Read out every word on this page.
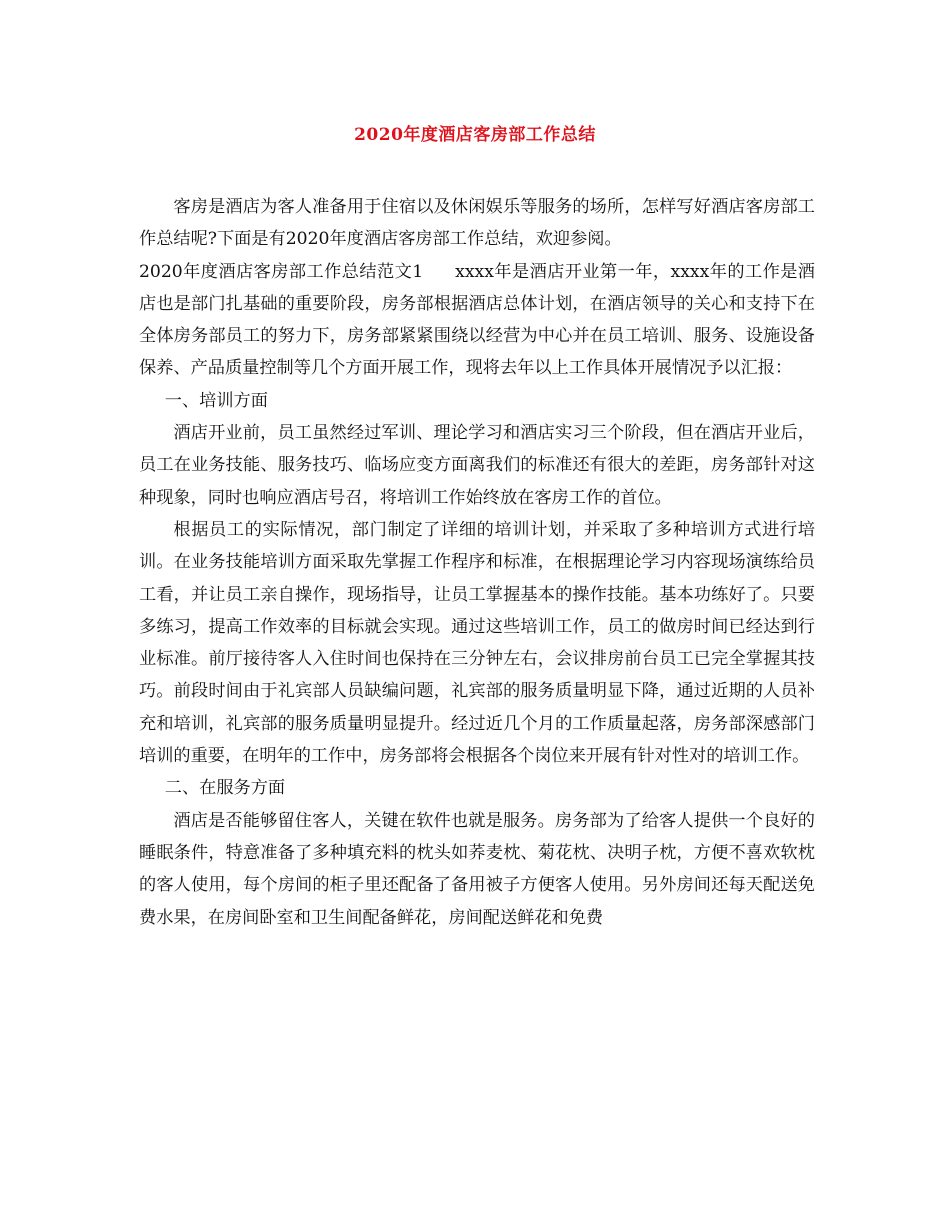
2020年度酒店客房部工作总结

客房是酒店为客人准备用于住宿以及休闲娱乐等服务的场所，怎样写好酒店客房部工作总结呢?下面是有2020年度酒店客房部工作总结，欢迎参阅。

2020年度酒店客房部工作总结范文1 xxxx年是酒店开业第一年，xxxx年的工作是酒店也是部门扎基础的重要阶段，房务部根据酒店总体计划，在酒店领导的关心和支持下在全体房务部员工的努力下，房务部紧紧围绕以经营为中心并在员工培训、服务、设施设备保养、产品质量控制等几个方面开展工作，现将去年以上工作具体开展情况予以汇报：

一、培训方面

酒店开业前，员工虽然经过军训、理论学习和酒店实习三个阶段，但在酒店开业后，员工在业务技能、服务技巧、临场应变方面离我们的标准还有很大的差距，房务部针对这种现象，同时也响应酒店号召，将培训工作始终放在客房工作的首位。

根据员工的实际情况，部门制定了详细的培训计划，并采取了多种培训方式进行培训。在业务技能培训方面采取先掌握工作程序和标准，在根据理论学习内容现场演练给员工看，并让员工亲自操作，现场指导，让员工掌握基本的操作技能。基本功练好了。只要多练习，提高工作效率的目标就会实现。通过这些培训工作，员工的做房时间已经达到行业标准。前厅接待客人入住时间也保持在三分钟左右，会议排房前台员工已完全掌握其技巧。前段时间由于礼宾部人员缺编问题，礼宾部的服务质量明显下降，通过近期的人员补充和培训，礼宾部的服务质量明显提升。经过近几个月的工作质量起落，房务部深感部门培训的重要，在明年的工作中，房务部将会根据各个岗位来开展有针对性对的培训工作。

二、在服务方面

酒店是否能够留住客人，关键在软件也就是服务。房务部为了给客人提供一个良好的睡眠条件，特意准备了多种填充料的枕头如荞麦枕、菊花枕、决明子枕，方便不喜欢软枕的客人使用，每个房间的柜子里还配备了备用被子方便客人使用。另外房间还每天配送免费水果，在房间卧室和卫生间配备鲜花，房间配送鲜花和免费
